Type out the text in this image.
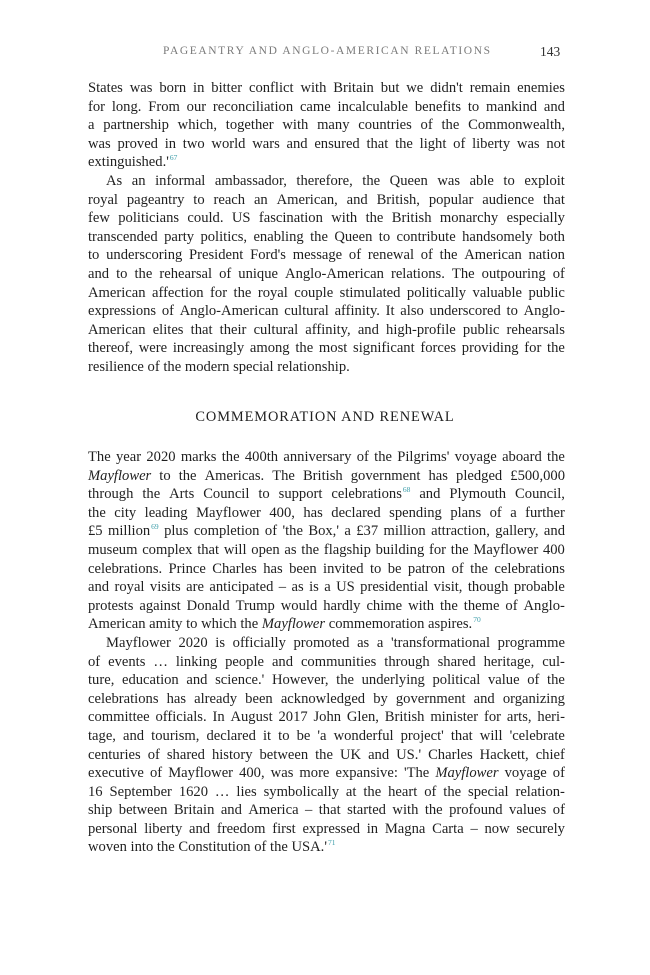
PAGEANTRY AND ANGLO-AMERICAN RELATIONS	143
States was born in bitter conflict with Britain but we didn't remain enemies
for long. From our reconciliation came incalculable benefits to mankind and
a partnership which, together with many countries of the Commonwealth,
was proved in two world wars and ensured that the light of liberty was not
extinguished.'$^{67}$
As an informal ambassador, therefore, the Queen was able to exploit
royal pageantry to reach an American, and British, popular audience that
few politicians could. US fascination with the British monarchy especially
transcended party politics, enabling the Queen to contribute handsomely both
to underscoring President Ford's message of renewal of the American nation
and to the rehearsal of unique Anglo-American relations. The outpouring of
American affection for the royal couple stimulated politically valuable public
expressions of Anglo-American cultural affinity. It also underscored to Anglo-
American elites that their cultural affinity, and high-profile public rehearsals
thereof, were increasingly among the most significant forces providing for the
resilience of the modern special relationship.
COMMEMORATION AND RENEWAL
The year 2020 marks the 400th anniversary of the Pilgrims' voyage aboard the
Mayflower to the Americas. The British government has pledged £500,000
through the Arts Council to support celebrations$^{68}$ and Plymouth Council,
the city leading Mayflower 400, has declared spending plans of a further
£5 million$^{69}$ plus completion of 'the Box,' a £37 million attraction, gallery, and
museum complex that will open as the flagship building for the Mayflower 400
celebrations. Prince Charles has been invited to be patron of the celebrations
and royal visits are anticipated – as is a US presidential visit, though probable
protests against Donald Trump would hardly chime with the theme of Anglo-
American amity to which the Mayflower commemoration aspires.$^{70}$
Mayflower 2020 is officially promoted as a 'transformational programme
of events … linking people and communities through shared heritage, cul-
ture, education and science.' However, the underlying political value of the
celebrations has already been acknowledged by government and organizing
committee officials. In August 2017 John Glen, British minister for arts, heri-
tage, and tourism, declared it to be 'a wonderful project' that will 'celebrate
centuries of shared history between the UK and US.' Charles Hackett, chief
executive of Mayflower 400, was more expansive: 'The Mayflower voyage of
16 September 1620 … lies symbolically at the heart of the special relation-
ship between Britain and America – that started with the profound values of
personal liberty and freedom first expressed in Magna Carta – now securely
woven into the Constitution of the USA.'$^{71}$
